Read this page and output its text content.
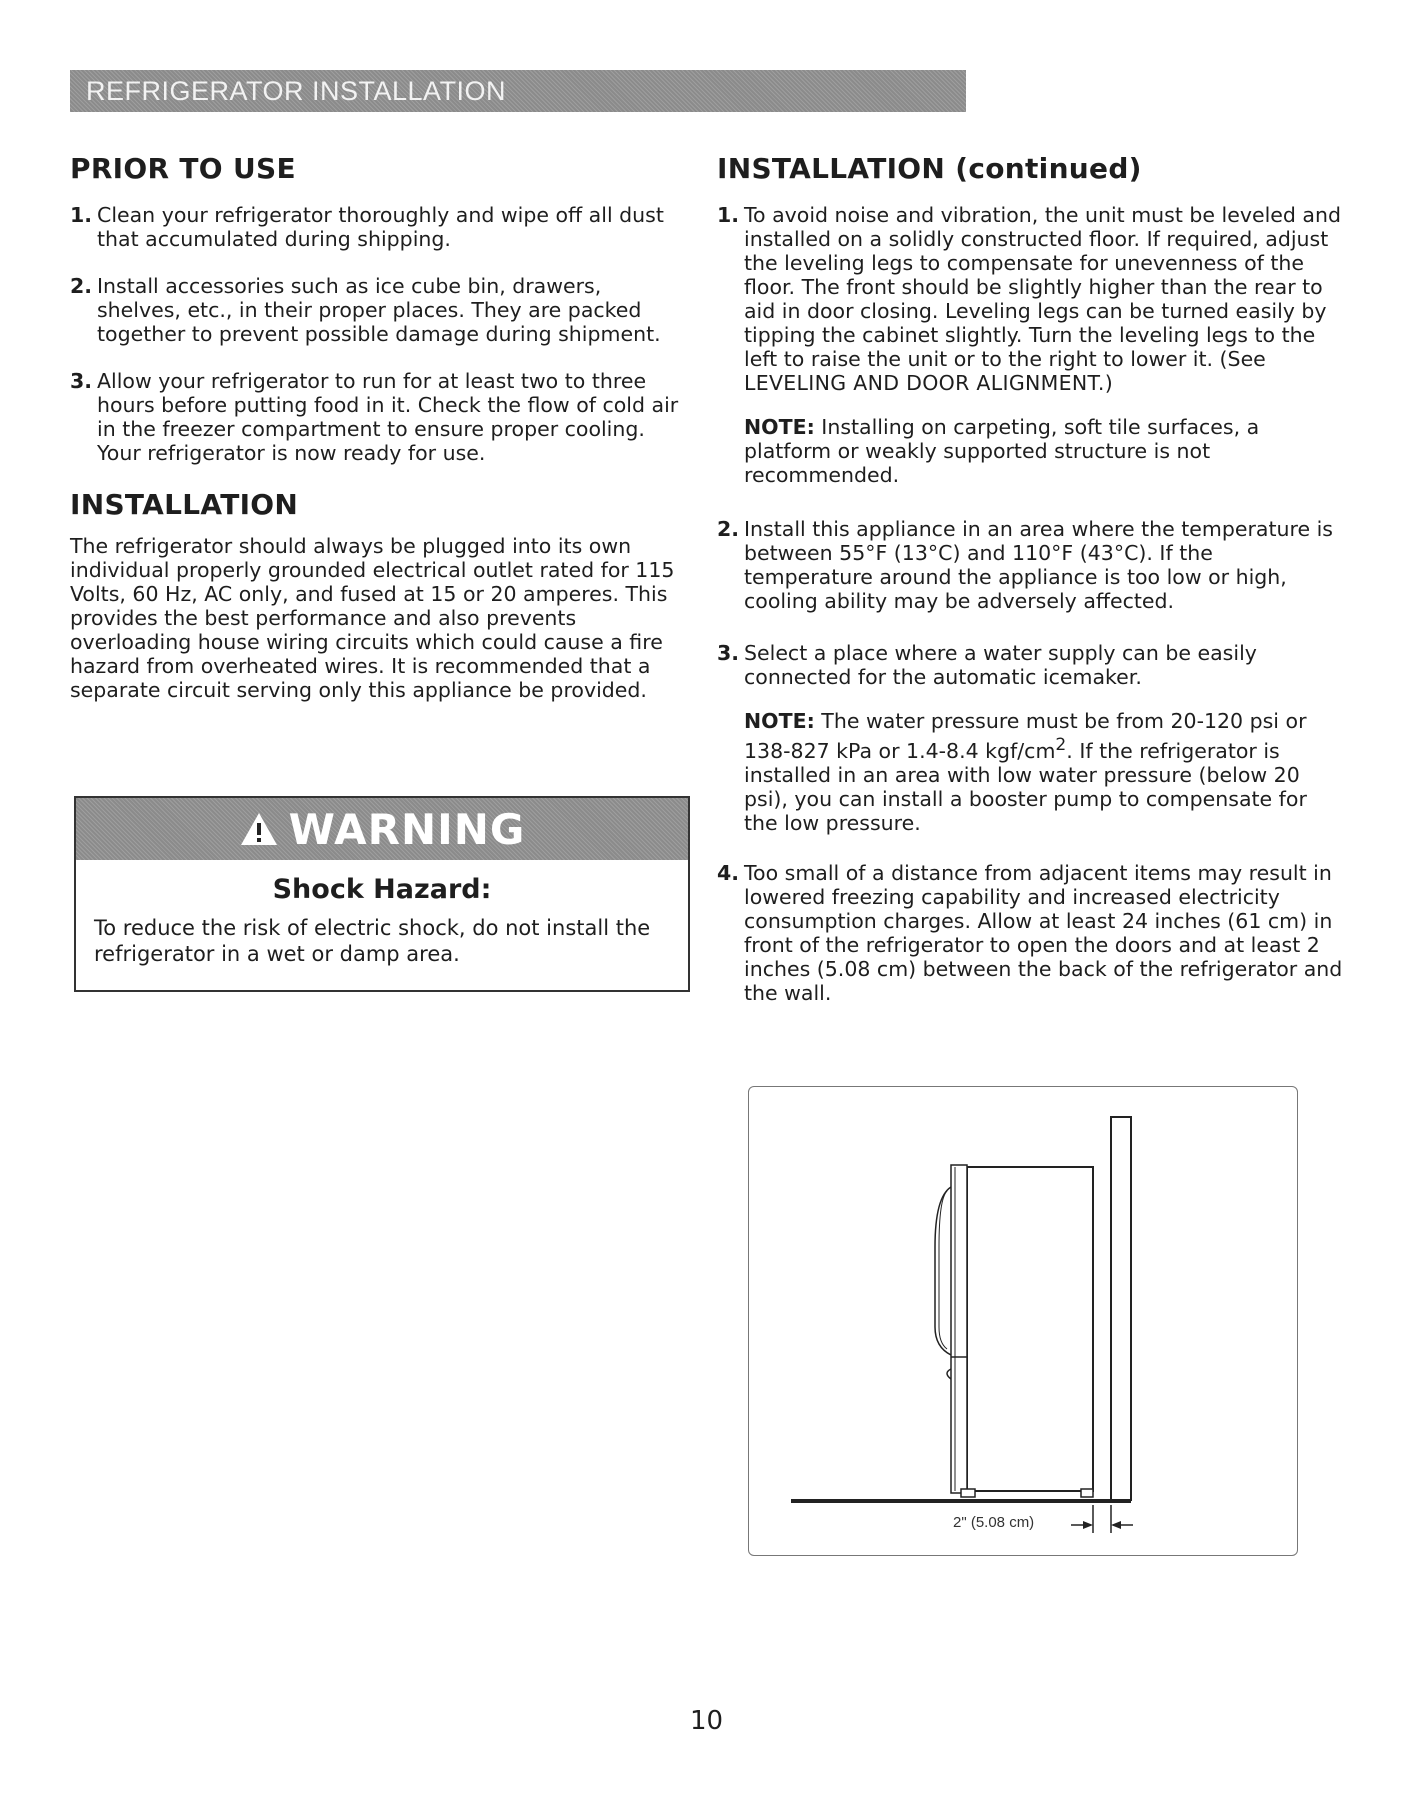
REFRIGERATOR INSTALLATION
PRIOR TO USE
1. Clean your refrigerator thoroughly and wipe off all dust that accumulated during shipping.
2. Install accessories such as ice cube bin, drawers, shelves, etc., in their proper places. They are packed together to prevent possible damage during shipment.
3. Allow your refrigerator to run for at least two to three hours before putting food in it. Check the flow of cold air in the freezer compartment to ensure proper cooling. Your refrigerator is now ready for use.
INSTALLATION

The refrigerator should always be plugged into its own individual properly grounded electrical outlet rated for 115 Volts, 60 Hz, AC only, and fused at 15 or 20 amperes. This provides the best performance and also prevents overloading house wiring circuits which could cause a fire hazard from overheated wires. It is recommended that a separate circuit serving only this appliance be provided.

WARNING
Shock Hazard:
To reduce the risk of electric shock, do not install the refrigerator in a wet or damp area.
INSTALLATION (continued)
1. To avoid noise and vibration, the unit must be leveled and installed on a solidly constructed floor. If required, adjust the leveling legs to compensate for unevenness of the floor. The front should be slightly higher than the rear to aid in door closing. Leveling legs can be turned easily by tipping the cabinet slightly. Turn the leveling legs to the left to raise the unit or to the right to lower it. (See LEVELING AND DOOR ALIGNMENT.)
NOTE: Installing on carpeting, soft tile surfaces, a platform or weakly supported structure is not recommended.
2. Install this appliance in an area where the temperature is between 55°F (13°C) and 110°F (43°C). If the temperature around the appliance is too low or high, cooling ability may be adversely affected.
3. Select a place where a water supply can be easily connected for the automatic icemaker.
NOTE: The water pressure must be from 20-120 psi or 138-827 kPa or 1.4-8.4 kgf/$cm^2$. If the refrigerator is installed in an area with low water pressure (below 20 psi), you can install a booster pump to compensate for the low pressure.
4. Too small of a distance from adjacent items may result in lowered freezing capability and increased electricity consumption charges. Allow at least 24 inches (61 cm) in front of the refrigerator to open the doors and at least 2 inches (5.08 cm) between the back of the refrigerator and the wall.
2" (5.08 cm)
10
